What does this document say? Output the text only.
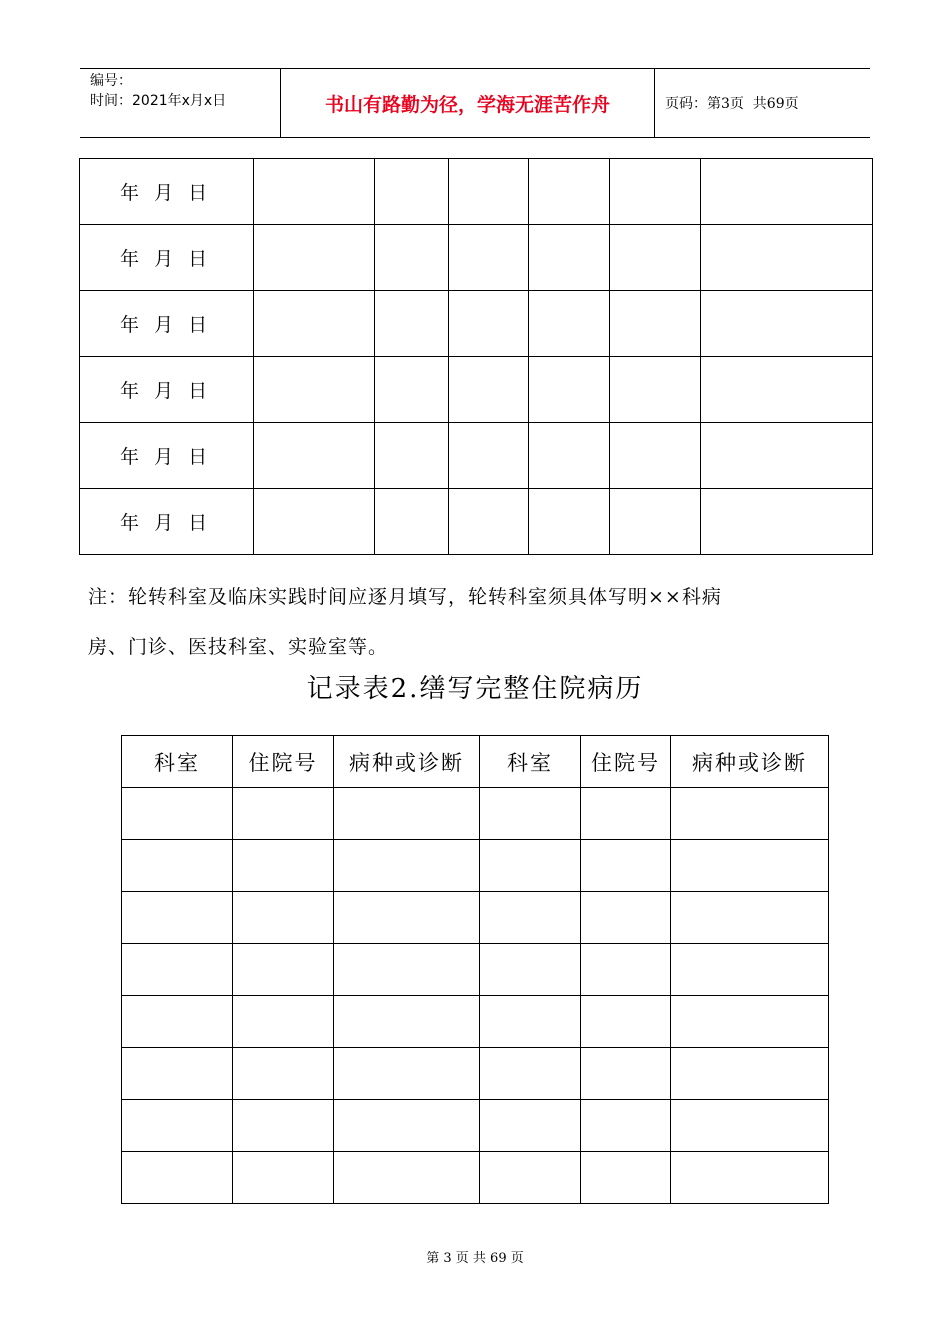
编号：
时间：2021年x月x日	书山有路勤为径，学海无涯苦作舟	页码：第3页  共69页
年  月  日						
年  月  日						
年  月  日						
年  月  日						
年  月  日						
年  月  日						
注：轮转科室及临床实践时间应逐月填写，轮转科室须具体写明××科病
房、门诊、医技科室、实验室等。
记录表2.缮写完整住院病历
科室	住院号	病种或诊断	科室	住院号	病种或诊断

第 3 页 共 69 页
